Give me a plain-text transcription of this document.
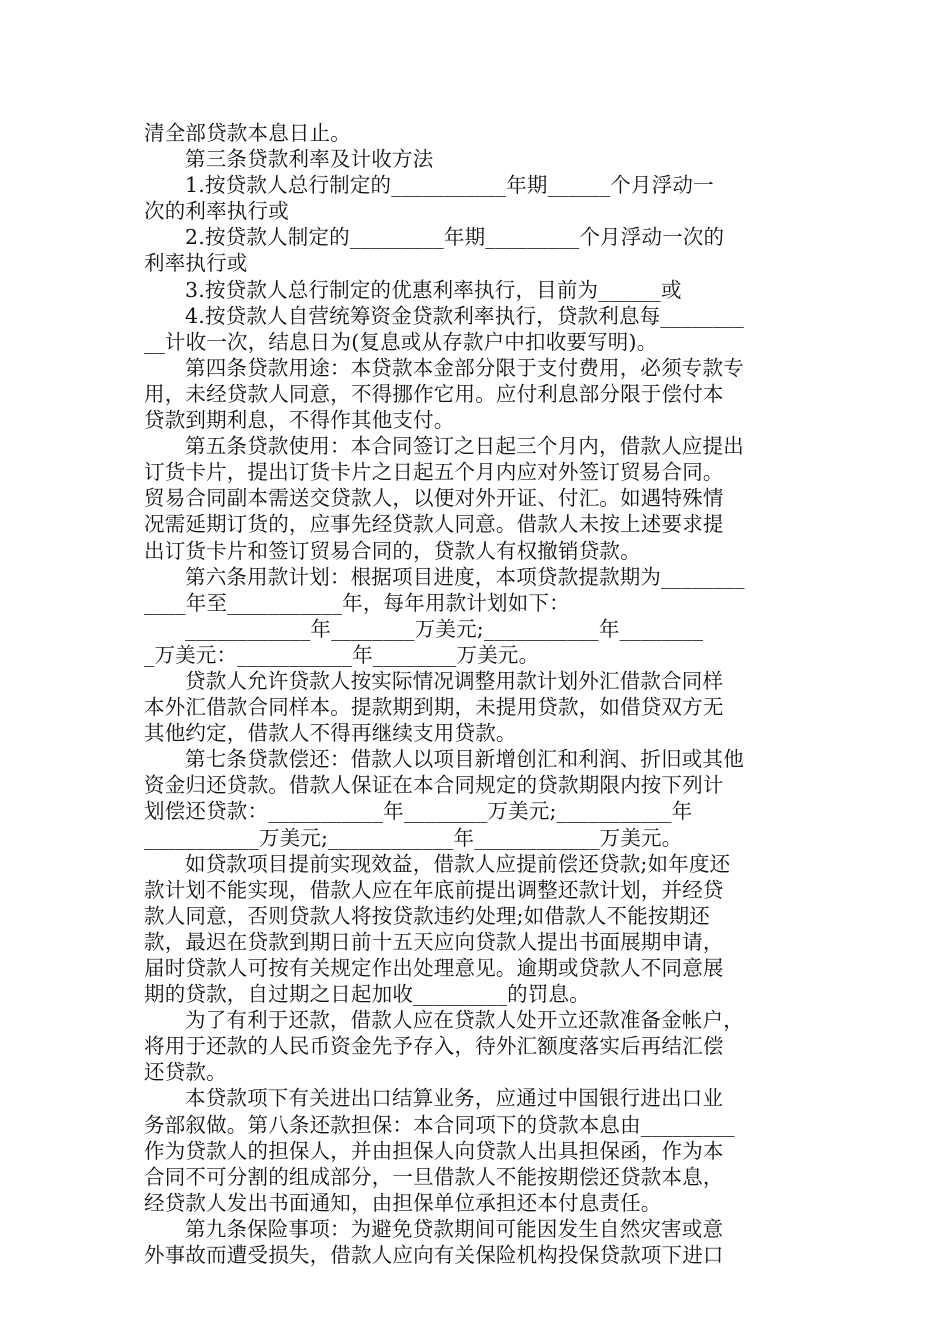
清全部贷款本息日止。
第三条贷款利率及计收方法
1.按贷款人总行制定的___________年期______个月浮动一
次的利率执行或
2.按贷款人制定的_________年期_________个月浮动一次的
利率执行或
3.按贷款人总行制定的优惠利率执行，目前为______或
4.按贷款人自营统筹资金贷款利率执行，贷款利息每________
__计收一次，结息日为(复息或从存款户中扣收要写明)。
第四条贷款用途：本贷款本金部分限于支付费用，必须专款专
用，未经贷款人同意，不得挪作它用。应付利息部分限于偿付本
贷款到期利息，不得作其他支付。
第五条贷款使用：本合同签订之日起三个月内，借款人应提出
订货卡片，提出订货卡片之日起五个月内应对外签订贸易合同。
贸易合同副本需送交贷款人，以便对外开证、付汇。如遇特殊情
况需延期订货的，应事先经贷款人同意。借款人未按上述要求提
出订货卡片和签订贸易合同的，贷款人有权撤销贷款。
第六条用款计划：根据项目进度，本项贷款提款期为________
____年至___________年，每年用款计划如下：
____________年________万美元;___________年________
_万美元：___________年________万美元。
贷款人允许贷款人按实际情况调整用款计划外汇借款合同样
本外汇借款合同样本。提款期到期，未提用贷款，如借贷双方无
其他约定，借款人不得再继续支用贷款。
第七条贷款偿还：借款人以项目新增创汇和利润、折旧或其他
资金归还贷款。借款人保证在本合同规定的贷款期限内按下列计
划偿还贷款：___________年________万美元;___________年
___________万美元;____________年____________万美元。
如贷款项目提前实现效益，借款人应提前偿还贷款;如年度还
款计划不能实现，借款人应在年底前提出调整还款计划，并经贷
款人同意，否则贷款人将按贷款违约处理;如借款人不能按期还
款，最迟在贷款到期日前十五天应向贷款人提出书面展期申请，
届时贷款人可按有关规定作出处理意见。逾期或贷款人不同意展
期的贷款，自过期之日起加收_________的罚息。
为了有利于还款，借款人应在贷款人处开立还款准备金帐户，
将用于还款的人民币资金先予存入，待外汇额度落实后再结汇偿
还贷款。
本贷款项下有关进出口结算业务，应通过中国银行进出口业
务部叙做。第八条还款担保：本合同项下的贷款本息由_________
作为贷款人的担保人，并由担保人向贷款人出具担保函，作为本
合同不可分割的组成部分，一旦借款人不能按期偿还贷款本息，
经贷款人发出书面通知，由担保单位承担还本付息责任。
第九条保险事项：为避免贷款期间可能因发生自然灾害或意
外事故而遭受损失，借款人应向有关保险机构投保贷款项下进口
